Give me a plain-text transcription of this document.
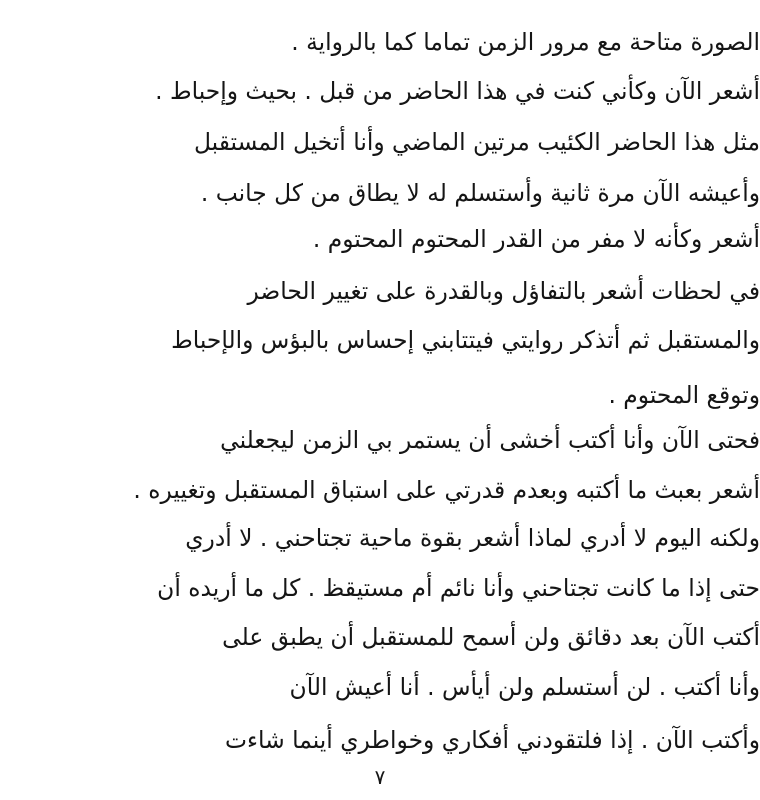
الصورة متاحة مع مرور الزمن تماما كما بالرواية .
أشعر الآن وكأني كنت في هذا الحاضر من قبل . بحيث وإحباط .
مثل هذا الحاضر الكئيب مرتين الماضي وأنا أتخيل المستقبل
وأعيشه الآن مرة ثانية وأستسلم له لا يطاق من كل جانب .
أشعر وكأنه لا مفر من القدر المحتوم المحتوم .
في لحظات أشعر بالتفاؤل وبالقدرة على تغيير الحاضر
والمستقبل ثم أتذكر روايتي فيتتابني إحساس بالبؤس والإحباط
وتوقع المحتوم .
فحتى الآن وأنا أكتب أخشى أن يستمر بي الزمن ليجعلني
أشعر بعبث ما أكتبه وبعدم قدرتي على استباق المستقبل وتغييره .
ولكنه اليوم لا أدري لماذا أشعر بقوة ماحية تجتاحني . لا أدري
حتى إذا ما كانت تجتاحني وأنا نائم أم مستيقظ . كل ما أريده أن
أكتب الآن بعد دقائق ولن أسمح للمستقبل أن يطبق على
وأنا أكتب . لن أستسلم ولن أيأس . أنا أعيش الآن
وأكتب الآن . إذا فلتقودني أفكاري وخواطري أينما شاءت
٧
